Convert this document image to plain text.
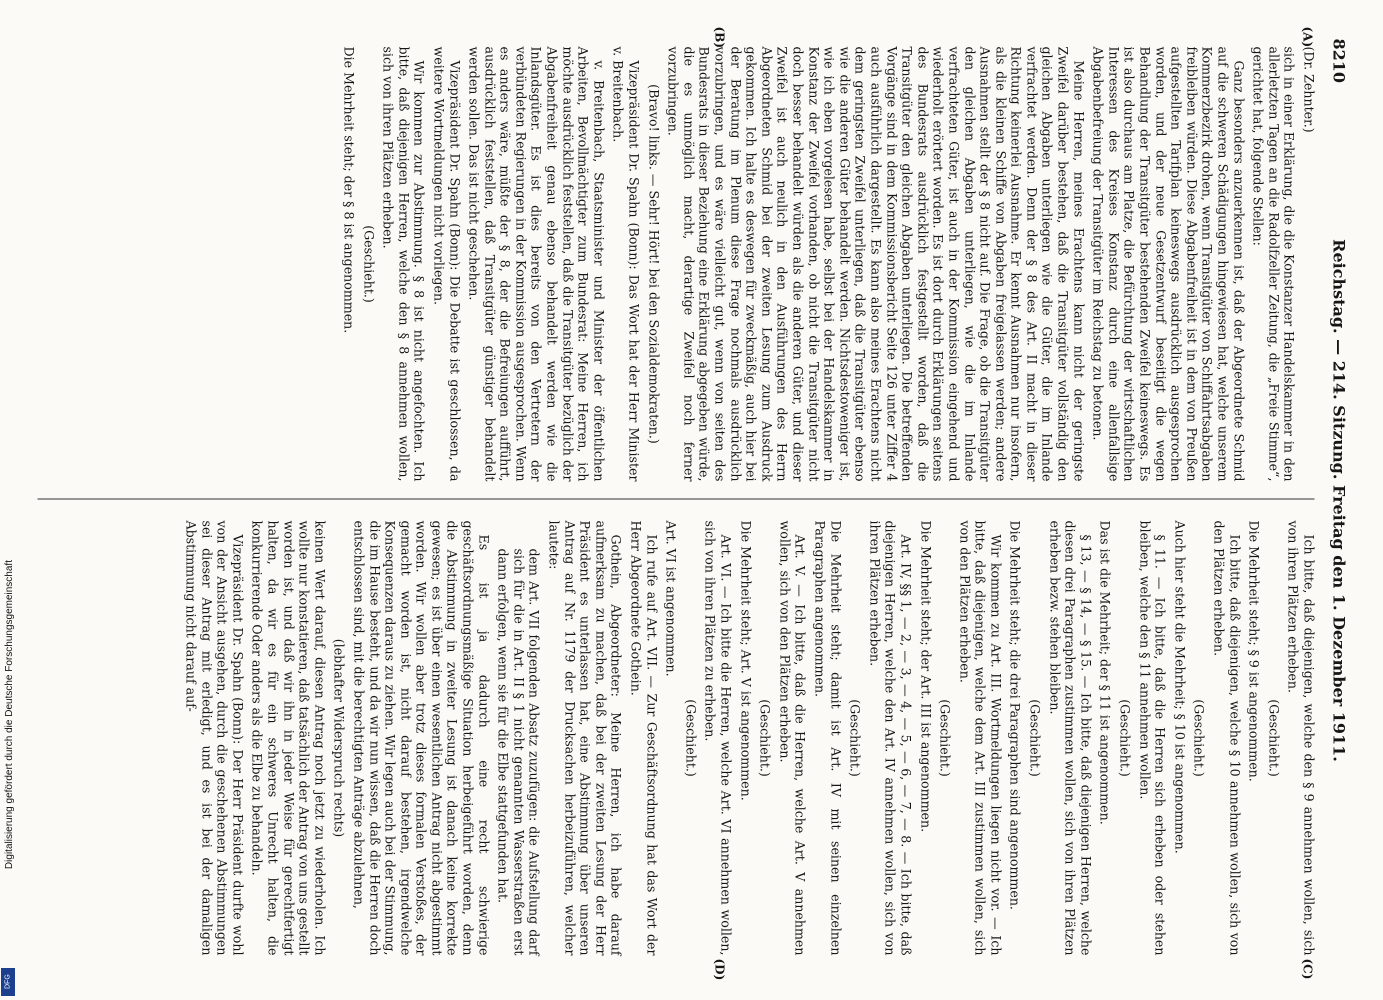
8210
Reichstag. — 214. Sitzung. Freitag den 1. Dezember 1911.
(A)
(B)
(C)
(D)

(Dr. Zehnter.)

sich in einer Erklärung, die die Konstanzer Handelskammer in den allerletzten Tagen an die Radolfzeller Zeitung, die „Freie Stimme“, gerichtet hat, folgende Stellen:

Ganz besonders anzuerkennen ist, daß der Abgeordnete Schmid auf die schweren Schädigungen hingewiesen hat, welche unserem Kommerzbezirk drohen, wenn Transitgüter von Schiffahrtsabgaben freibleiben würden. Diese Abgabenfreiheit ist in dem von Preußen aufgestellten Tarifplan keineswegs ausdrücklich ausgesprochen worden, und der neue Gesetzentwurf beseitigt die wegen Behandlung der Transitgüter bestehenden Zweifel keineswegs. Es ist also durchaus am Platze, die Befürchtung der wirtschaftlichen Interessen des Kreises Konstanz durch eine allenfallsige Abgabenbefreiung der Transitgüter im Reichstag zu betonen.

Meine Herren, meines Erachtens kann nicht der geringste Zweifel darüber bestehen, daß die Transitgüter vollständig den gleichen Abgaben unterliegen wie die Güter, die im Inlande verfrachtet werden. Denn der § 8 des Art. II macht in dieser Richtung keinerlei Ausnahme. Er kennt Ausnahmen nur insofern, als die kleinen Schiffe von Abgaben freigelassen werden; andere Ausnahmen stellt der § 8 nicht auf. Die Frage, ob die Transitgüter den gleichen Abgaben unterliegen, wie die im Inlande verfrachteten Güter, ist auch in der Kommission eingehend und wiederholt erörtert worden. Es ist dort durch Erklärungen seitens des Bundesrats ausdrücklich festgestellt worden, daß die Transitgüter den gleichen Abgaben unterliegen. Die betreffenden Vorgänge sind in dem Kommissionsbericht Seite 126 unter Ziffer 4 auch ausführlich dargestellt. Es kann also meines Erachtens nicht dem geringsten Zweifel unterliegen, daß die Transitgüter ebenso wie die anderen Güter behandelt werden. Nichtsdestoweniger ist, wie ich eben vorgelesen habe, selbst bei der Handelskammer in Konstanz der Zweifel vorhanden, ob nicht die Transitgüter nicht doch besser behandelt würden als die anderen Güter, und dieser Zweifel ist auch neulich in den Ausführungen des Herrn Abgeordneten Schmid bei der zweiten Lesung zum Ausdruck gekommen. Ich halte es deswegen für zweckmäßig, auch hier bei der Beratung im Plenum diese Frage nochmals ausdrücklich vorzubringen, und es wäre vielleicht gut, wenn von seiten des Bundesrats in dieser Beziehung eine Erklärung abgegeben würde, die es unmöglich macht, derartige Zweifel noch ferner vorzubringen.

(Bravo! links. — Sehr! Hört! bei den Sozialdemokraten.)

Vizepräsident Dr. Spahn (Bonn): Das Wort hat der Herr Minister v. Breitenbach.

v. Breitenbach, Staatsminister und Minister der öffentlichen Arbeiten, Bevollmächtigter zum Bundesrat: Meine Herren, ich möchte ausdrücklich feststellen, daß die Transitgüter bezüglich der Abgabenfreiheit genau ebenso behandelt werden wie die Inlandsgüter. Es ist dies bereits von den Vertretern der verbündeten Regierungen in der Kommission ausgesprochen. Wenn es anders wäre, müßte der § 8, der die Befreiungen aufführt, ausdrücklich feststellen, daß Transitgüter günstiger behandelt werden sollen. Das ist nicht geschehen.

Vizepräsident Dr. Spahn (Bonn): Die Debatte ist geschlossen, da weitere Wortmeldungen nicht vorliegen.

Wir kommen zur Abstimmung. § 8 ist nicht angefochten. Ich bitte, daß diejenigen Herren, welche den § 8 annehmen wollen, sich von ihren Plätzen erheben.

(Geschieht.)

Die Mehrheit steht; der § 8 ist angenommen.

Ich bitte, daß diejenigen, welche den § 9 annehmen wollen, sich von ihren Plätzen erheben.

(Geschieht.)

Die Mehrheit steht; § 9 ist angenommen.

Ich bitte, daß diejenigen, welche § 10 annehmen wollen, sich von den Plätzen erheben.

(Geschieht.)

Auch hier steht die Mehrheit; § 10 ist angenommen.

§ 11. — Ich bitte, daß die Herren sich erheben oder stehen bleiben, welche den § 11 annehmen wollen.

(Geschieht.)

Das ist die Mehrheit; der § 11 ist angenommen.

§ 13, — § 14, — § 15. — Ich bitte, daß diejenigen Herren, welche diesen drei Paragraphen zustimmen wollen, sich von ihren Plätzen erheben bezw. stehen bleiben.

(Geschieht.)

Die Mehrheit steht; die drei Paragraphen sind angenommen.

Wir kommen zu Art. III. Wortmeldungen liegen nicht vor. — Ich bitte, daß diejenigen, welche dem Art. III zustimmen wollen, sich von den Plätzen erheben.

(Geschieht.)

Die Mehrheit steht; der Art. III ist angenommen.

Art. IV, §§ 1, — 2, — 3, — 4, — 5, — 6, — 7, — 8. — Ich bitte, daß diejenigen Herren, welche den Art. IV annehmen wollen, sich von ihren Plätzen erheben.

(Geschieht.)

Die Mehrheit steht; damit ist Art. IV mit seinen einzelnen Paragraphen angenommen.

Art. V. — Ich bitte, daß die Herren, welche Art. V annehmen wollen, sich von den Plätzen erheben.

(Geschieht.)

Die Mehrheit steht; Art. V ist angenommen.

Art. VI. — Ich bitte die Herren, welche Art. VI annehmen wollen, sich von ihren Plätzen zu erheben.

(Geschieht.)

Art. VI ist angenommen.

Ich rufe auf Art. VII. — Zur Geschäftsordnung hat das Wort der Herr Abgeordnete Gothein.

Gothein, Abgeordneter: Meine Herren, ich habe darauf aufmerksam zu machen, daß bei der zweiten Lesung der Herr Präsident es unterlassen hat, eine Abstimmung über unseren Antrag auf Nr. 1179 der Drucksachen herbeizuführen, welcher lautete:

dem Art. VII folgenden Absatz zuzufügen: die Aufstellung darf sich für die in Art. II § 1 nicht genannten Wasserstraßen erst dann erfolgen, wenn sie für die Elbe stattgefunden hat.

Es ist ja dadurch eine recht schwierige geschäftsordnungsmäßige Situation herbeigeführt worden, denn die Abstimmung in zweiter Lesung ist danach keine korrekte gewesen; es ist über einen wesentlichen Antrag nicht abgestimmt worden. Wir wollen aber trotz dieses formalen Verstoßes, der gemacht worden ist, nicht darauf bestehen, irgendwelche Konsequenzen daraus zu ziehen. Wir legen auch bei der Stimmung, die im Hause besteht, und da wir nun wissen, daß die Herren doch entschlossen sind, mit die berechtigten Anträge abzulehnen,

(lebhafter Widerspruch rechts)

keinen Wert darauf, diesen Antrag noch jetzt zu wiederholen. Ich wollte nur konstatieren, daß tatsächlich der Antrag von uns gestellt worden ist, und daß wir ihn in jeder Weise für gerechtfertigt halten, da wir es für ein schweres Unrecht halten, die konkurrierende Oder anders als die Elbe zu behandeln.

Vizepräsident Dr. Spahn (Bonn): Der Herr Präsident durfte wohl von der Ansicht ausgehen, durch die geschehenen Abstimmungen sei dieser Antrag mit erledigt, und es ist bei der damaligen Abstimmung nicht darauf auf-

Digitalisierung gefördert durch die Deutsche Forschungsgemeinschaft
DFG
